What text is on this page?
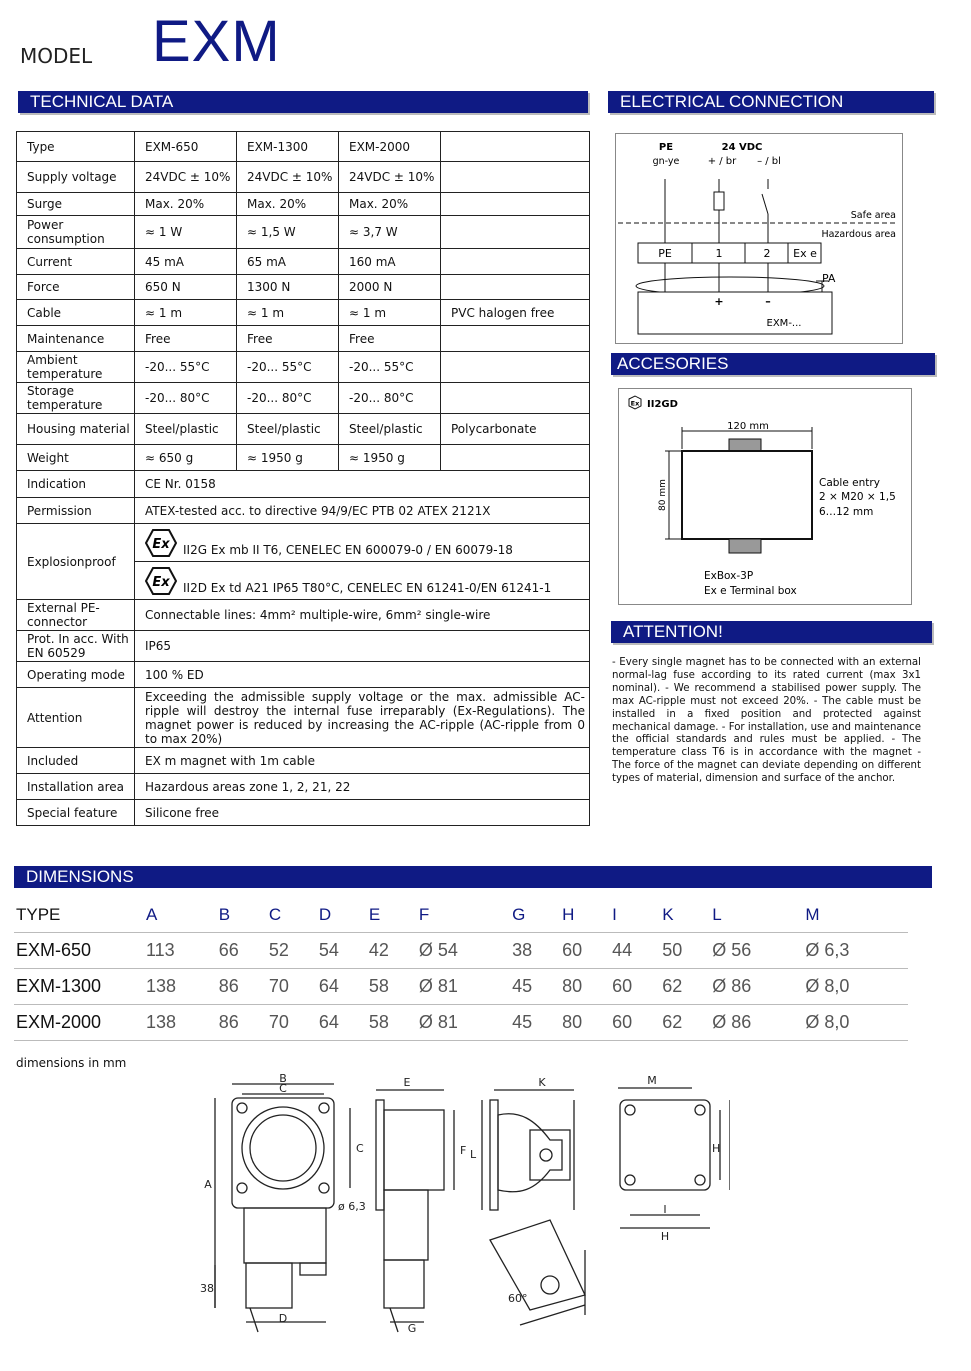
MODEL EXM
TECHNICAL DATA	ELECTRICAL CONNECTION
ACCESORIES
ATTENTION!
DIMENSIONS
Type	EXM-650	EXM-1300	EXM-2000	
Supply voltage	24VDC ± 10%	24VDC ± 10%	24VDC ± 10%	
Surge	Max. 20%	Max. 20%	Max. 20%	
Power consumption	≈ 1 W	≈ 1,5 W	≈ 3,7 W	
Current	45 mA	65 mA	160 mA	
Force	650 N	1300 N	2000 N	
Cable	≈ 1 m	≈ 1 m	≈ 1 m	PVC halogen free
Maintenance	Free	Free	Free	
Ambient temperature	-20... 55°C	-20... 55°C	-20... 55°C	
Storage temperature	-20... 80°C	-20... 80°C	-20... 80°C	
Housing material	Steel/plastic	Steel/plastic	Steel/plastic	Polycarbonate
Weight	≈ 650 g	≈ 1950 g	≈ 1950 g	
Indication	CE Nr. 0158			
Permission	ATEX-tested acc. to directive 94/9/EC PTB 02 ATEX 2121X			
Explosionproof	Ex II2G Ex mb II T6, CENELEC EN 600079-0 / EN 60079-18			

Ex II2D Ex td A21 IP65 T80°C, CENELEC EN 61241-0/EN 61241-1			

External PE-connector	Connectable lines: 4mm² multiple-wire, 6mm² single-wire			
Prot. In acc. With EN 60529	IP65			
Operating mode	100 % ED			
Attention	Exceeding the admissible supply voltage or the max. admissible AC-ripple will destroy the internal fuse irreparably (Ex-Regulations). The magnet power is reduced by increasing the AC-ripple (AC-ripple from 0 to max 20%)			
Included	EX m magnet with 1m cable			
Installation area	Hazardous areas zone 1, 2, 21, 22			
Special feature	Silicone free			
PE
gn-ye
24 VDC
+ / br – / bl
Safe area
Hazardous area
PE	1	2 Ex e
PA
+	–
EXM-...
Ex II2GD
120 mm
80 mm	Cable entry
2 × M20 × 1,5
6…12 mm
ExBox-3P
Ex e Terminal box
- Every single magnet has to be connected with an external normal-lag fuse according to its rated current (max 3x1 nominal). - We recommend a stabilised power supply. The max AC-ripple must not exceed 20%. - The cable must be installed in a fixed position and protected against mechanical damage. - For installation, use and maintenance the official standards and rules must be applied. - The temperature class T6 is in accordance with the magnet - The force of the magnet can deviate depending on different types of material, dimension and surface of the anchor.
TYPE	A	B	C	D	E	F	G	H	I	K	L	M
EXM-650	113	66	52	54	42	Ø 54	38	60	44	50	Ø 56	Ø 6,3
EXM-1300	138	86	70	64	58	Ø 81	45	80	60	62	Ø 86	Ø 8,0
EXM-2000	138	86	70	64	58	Ø 81	45	80	60	62	Ø 86	Ø 8,0
dimensions in mm
B
C
A
C
ø 6,3
38
D
E
F
G
K
L
60°
M
I
H
H
